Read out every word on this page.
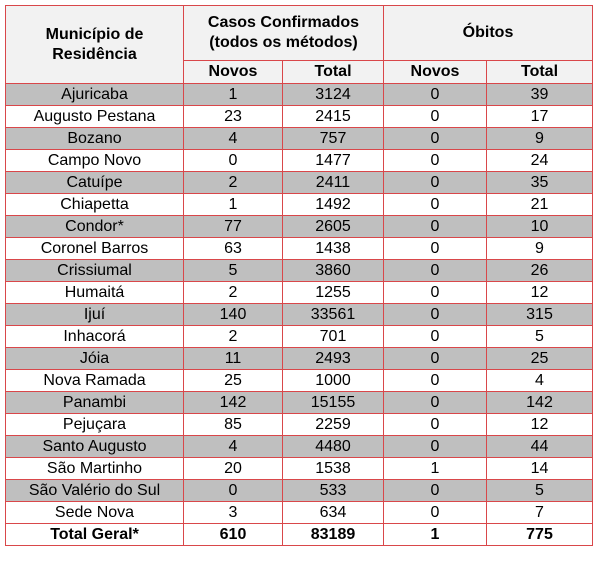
Município de Residência	Casos Confirmados (todos os métodos)		Óbitos	
	Novos	Total	Novos	Total
Ajuricaba	1	3124	0	39
Augusto Pestana	23	2415	0	17
Bozano	4	757	0	9
Campo Novo	0	1477	0	24
Catuípe	2	2411	0	35
Chiapetta	1	1492	0	21
Condor*	77	2605	0	10
Coronel Barros	63	1438	0	9
Crissiumal	5	3860	0	26
Humaitá	2	1255	0	12
Ijuí	140	33561	0	315
Inhacorá	2	701	0	5
Jóia	11	2493	0	25
Nova Ramada	25	1000	0	4
Panambi	142	15155	0	142
Pejuçara	85	2259	0	12
Santo Augusto	4	4480	0	44
São Martinho	20	1538	1	14
São Valério do Sul	0	533	0	5
Sede Nova	3	634	0	7
Total Geral*	610	83189	1	775
